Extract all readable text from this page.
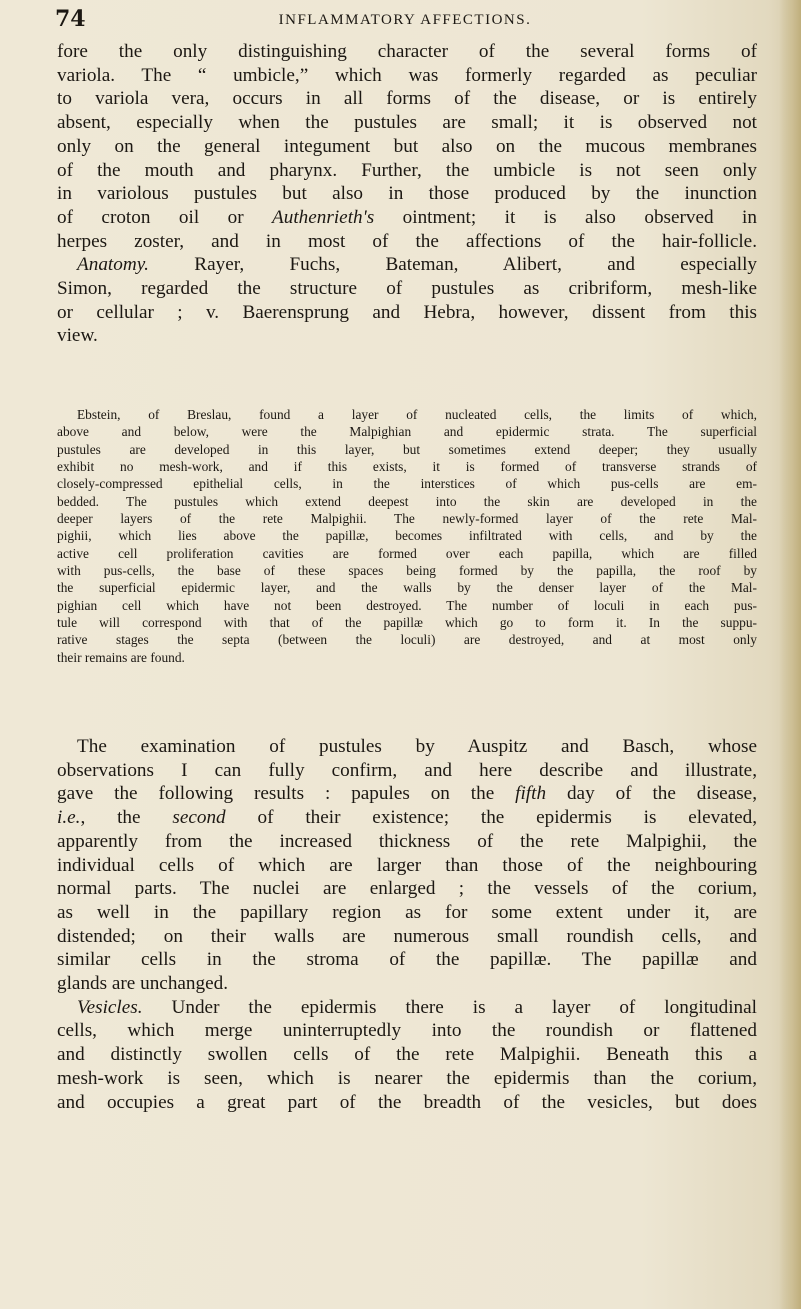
74	INFLAMMATORY AFFECTIONS.
fore the only distinguishing character of the several forms of
variola. The “ umbicle,” which was formerly regarded as peculiar
to variola vera, occurs in all forms of the disease, or is entirely
absent, especially when the pustules are small; it is observed not
only on the general integument but also on the mucous membranes
of the mouth and pharynx. Further, the umbicle is not seen only
in variolous pustules but also in those produced by the inunction
of croton oil or Authenrieth's ointment; it is also observed in
herpes zoster, and in most of the affections of the hair-follicle.
Anatomy. Rayer, Fuchs, Bateman, Alibert, and especially
Simon, regarded the structure of pustules as cribriform, mesh-like
or cellular ; v. Baerensprung and Hebra, however, dissent from this
view.
Ebstein, of Breslau, found a layer of nucleated cells, the limits of which,
above and below, were the Malpighian and epidermic strata. The superficial
pustules are developed in this layer, but sometimes extend deeper; they usually
exhibit no mesh-work, and if this exists, it is formed of transverse strands of
closely-compressed epithelial cells, in the interstices of which pus-cells are em-
bedded. The pustules which extend deepest into the skin are developed in the
deeper layers of the rete Malpighii. The newly-formed layer of the rete Mal-
pighii, which lies above the papillæ, becomes infiltrated with cells, and by the
active cell proliferation cavities are formed over each papilla, which are filled
with pus-cells, the base of these spaces being formed by the papilla, the roof by
the superficial epidermic layer, and the walls by the denser layer of the Mal-
pighian cell which have not been destroyed. The number of loculi in each pus-
tule will correspond with that of the papillæ which go to form it. In the suppu-
rative stages the septa (between the loculi) are destroyed, and at most only
their remains are found.
The examination of pustules by Auspitz and Basch, whose
observations I can fully confirm, and here describe and illustrate,
gave the following results : papules on the fifth day of the disease,
i.e., the second of their existence; the epidermis is elevated,
apparently from the increased thickness of the rete Malpighii, the
individual cells of which are larger than those of the neighbouring
normal parts. The nuclei are enlarged ; the vessels of the corium,
as well in the papillary region as for some extent under it, are
distended; on their walls are numerous small roundish cells, and
similar cells in the stroma of the papillæ. The papillæ and
glands are unchanged.
Vesicles. Under the epidermis there is a layer of longitudinal
cells, which merge uninterruptedly into the roundish or flattened
and distinctly swollen cells of the rete Malpighii. Beneath this a
mesh-work is seen, which is nearer the epidermis than the corium,
and occupies a great part of the breadth of the vesicles, but does
